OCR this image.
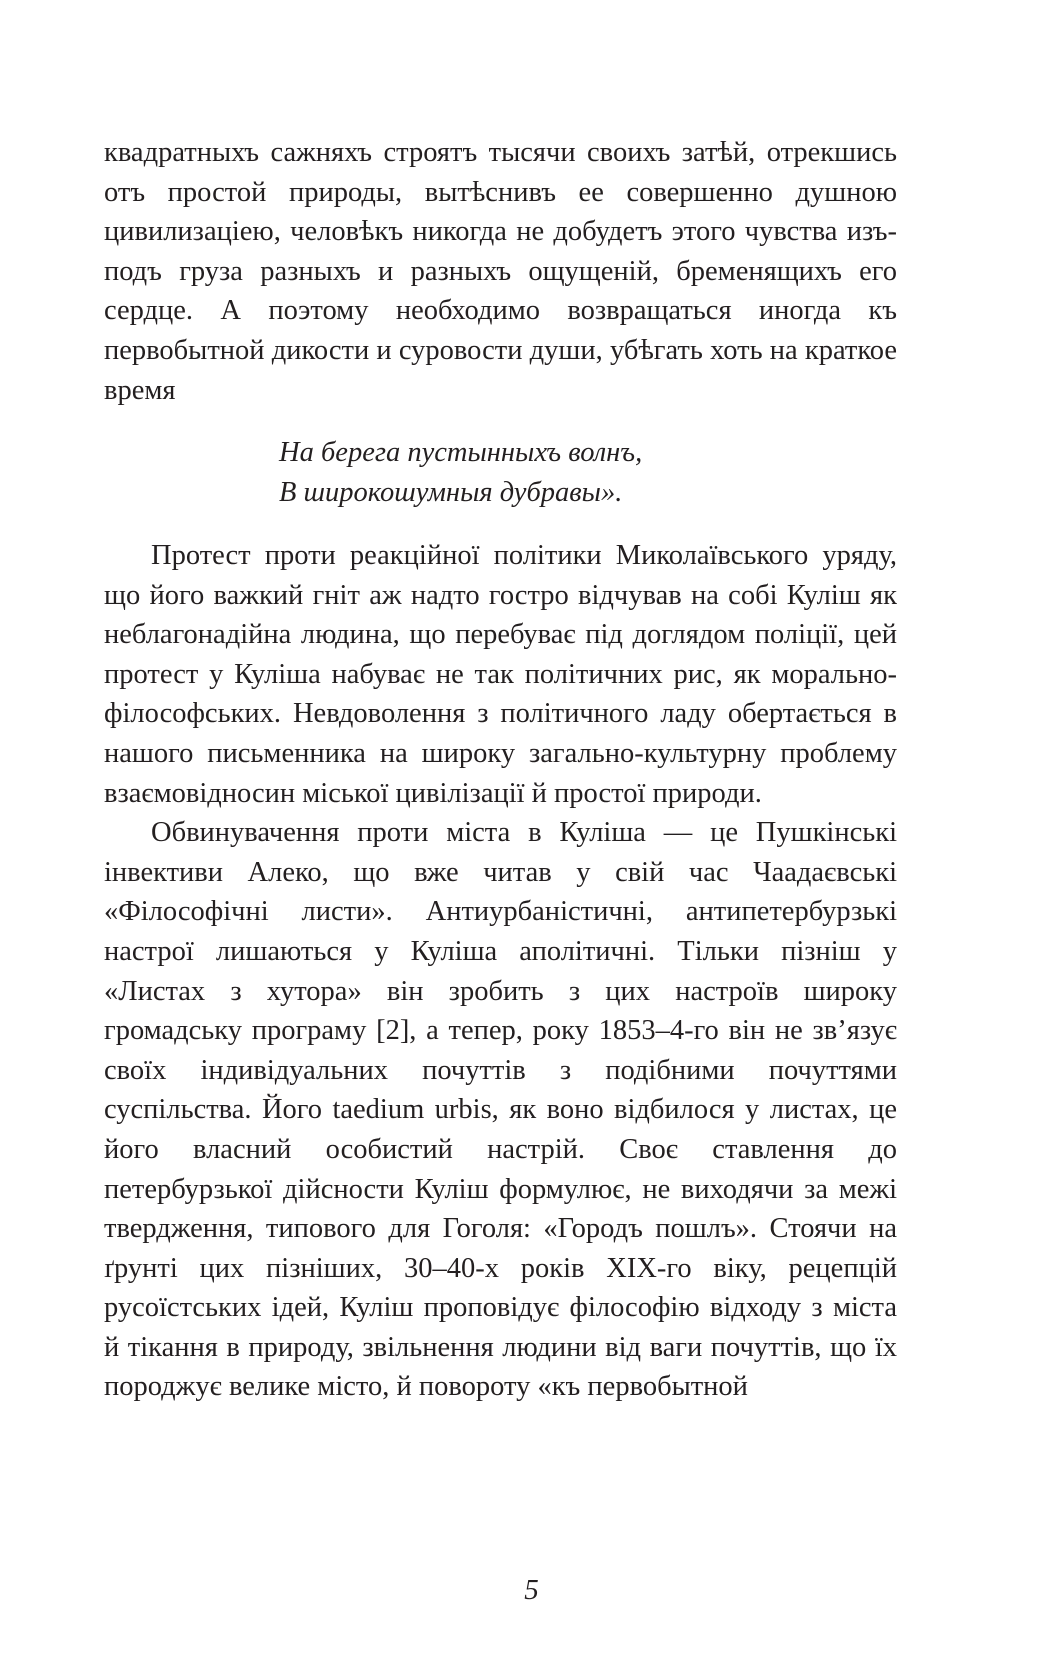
квадратныхъ сажняхъ строятъ тысячи своихъ затѣй, отрекшись отъ простой природы, вытѣснивъ ее совершенно душною цивилизацieю, человѣкъ никогда не добудетъ этого чувства изъ-подъ груза разныхъ и разныхъ ощущенiй, бременящихъ его сердце. А поэтому необходимо возвращаться иногда къ первобытной дикости и суровости души, убѣгать хоть на краткое время

На берега пустынныхъ волнъ,
В широкошумныя дубравы».

Протест проти реакційної політики Миколаївського уряду, що його важкий гніт аж надто гостро відчував на собі Куліш як неблагонадійна людина, що перебуває під доглядом поліції, цей протест у Куліша набуває не так політичних рис, як морально-філософських. Невдоволення з політичного ладу обертається в нашого письменника на широку загально-культурну проблему взаємовідносин міської цивілізації й простої природи.

Обвинувачення проти міста в Куліша — це Пушкінські інвективи Алеко, що вже читав у свій час Чаадаєвські «Філософічні листи». Антиурбаністичні, антипетербурзькі настрої лишаються у Куліша аполітичні. Тільки пізніш у «Листах з хутора» він зробить з цих настроїв широку громадську програму [2], а тепер, року 1853–4-го він не зв’язує своїх індивідуальних почуттів з подібними почуттями суспільства. Його taedium urbis, як воно відбилося у листах, це його власний особистий настрій. Своє ставлення до петербурзької дійсности Куліш формулює, не виходячи за межі твердження, типового для Гоголя: «Городъ пошлъ». Стоячи на ґрунті цих пізніших, 30–40-х років XIX-го віку, рецепцій русоїстських ідей, Куліш проповідує філософію відходу з міста й тікання в природу, звільнення людини від ваги почуттів, що їх породжує велике місто, й повороту «къ первобытной

5
